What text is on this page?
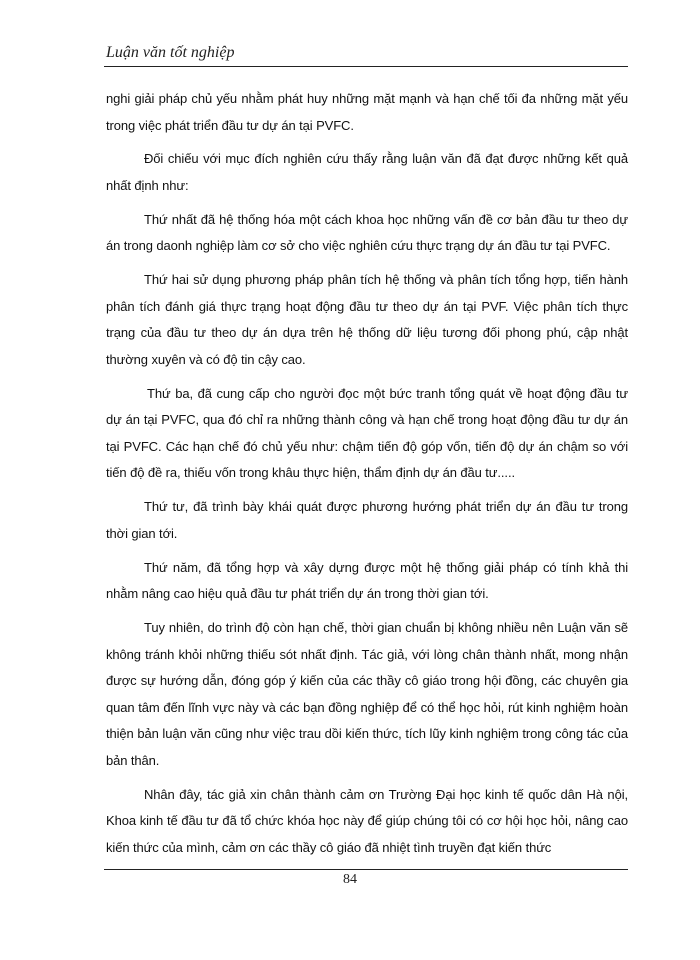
Luận văn tốt nghiệp

nghi giải pháp chủ yếu nhằm phát huy những mặt mạnh và hạn chế tối đa những mặt yếu trong việc phát triển đầu tư dự án tại PVFC.

Đối chiếu với mục đích nghiên cứu thấy rằng luận văn đã đạt được những kết quả nhất định như:

Thứ nhất đã hệ thống hóa một cách khoa học những vấn đề cơ bản đầu tư theo dự án trong daonh nghiệp làm cơ sở cho việc nghiên cứu thực trạng dự án đầu tư tại PVFC.

Thứ hai sử dụng phương pháp phân tích hệ thống và phân tích tổng hợp, tiến hành phân tích đánh giá thực trạng hoạt động đầu tư theo dự án tại PVF. Việc phân tích thực trạng của đầu tư theo dự án dựa trên hệ thống dữ liệu tương đối phong phú, cập nhật thường xuyên và có độ tin cậy cao.

Thứ ba, đã cung cấp cho người đọc một bức tranh tổng quát về hoạt động đầu tư dự án tại PVFC, qua đó chỉ ra những thành công và hạn chế trong hoạt động đầu tư dự án tại PVFC. Các hạn chế đó chủ yếu như: chậm tiến độ góp vốn, tiến độ dự án chậm so với tiến độ đề ra, thiếu vốn trong khâu thực hiện, thẩm định dự án đầu tư.....

Thứ tư, đã trình bày khái quát được phương hướng phát triển dự án đầu tư trong thời gian tới.

Thứ năm, đã tổng hợp và xây dựng được một hệ thống giải pháp có tính khả thi nhằm nâng cao hiệu quả đầu tư phát triển dự án trong thời gian tới.

Tuy nhiên, do trình độ còn hạn chế, thời gian chuẩn bị không nhiều nên Luận văn sẽ không tránh khỏi những thiếu sót nhất định. Tác giả, với lòng chân thành nhất, mong nhận được sự hướng dẫn, đóng góp ý kiến của các thầy cô giáo trong hội đồng, các chuyên gia quan tâm đến lĩnh vực này và các bạn đồng nghiệp để có thể học hỏi, rút kinh nghiệm hoàn thiện bản luận văn cũng như việc trau dồi kiến thức, tích lũy kinh nghiệm trong công tác của bản thân.

Nhân đây, tác giả xin chân thành cảm ơn Trường Đại học kinh tế quốc dân Hà nội, Khoa kinh tế đầu tư đã tổ chức khóa học này để giúp chúng tôi có cơ hội học hỏi, nâng cao kiến thức của mình, cảm ơn các thầy cô giáo đã nhiệt tình truyền đạt kiến thức

84
